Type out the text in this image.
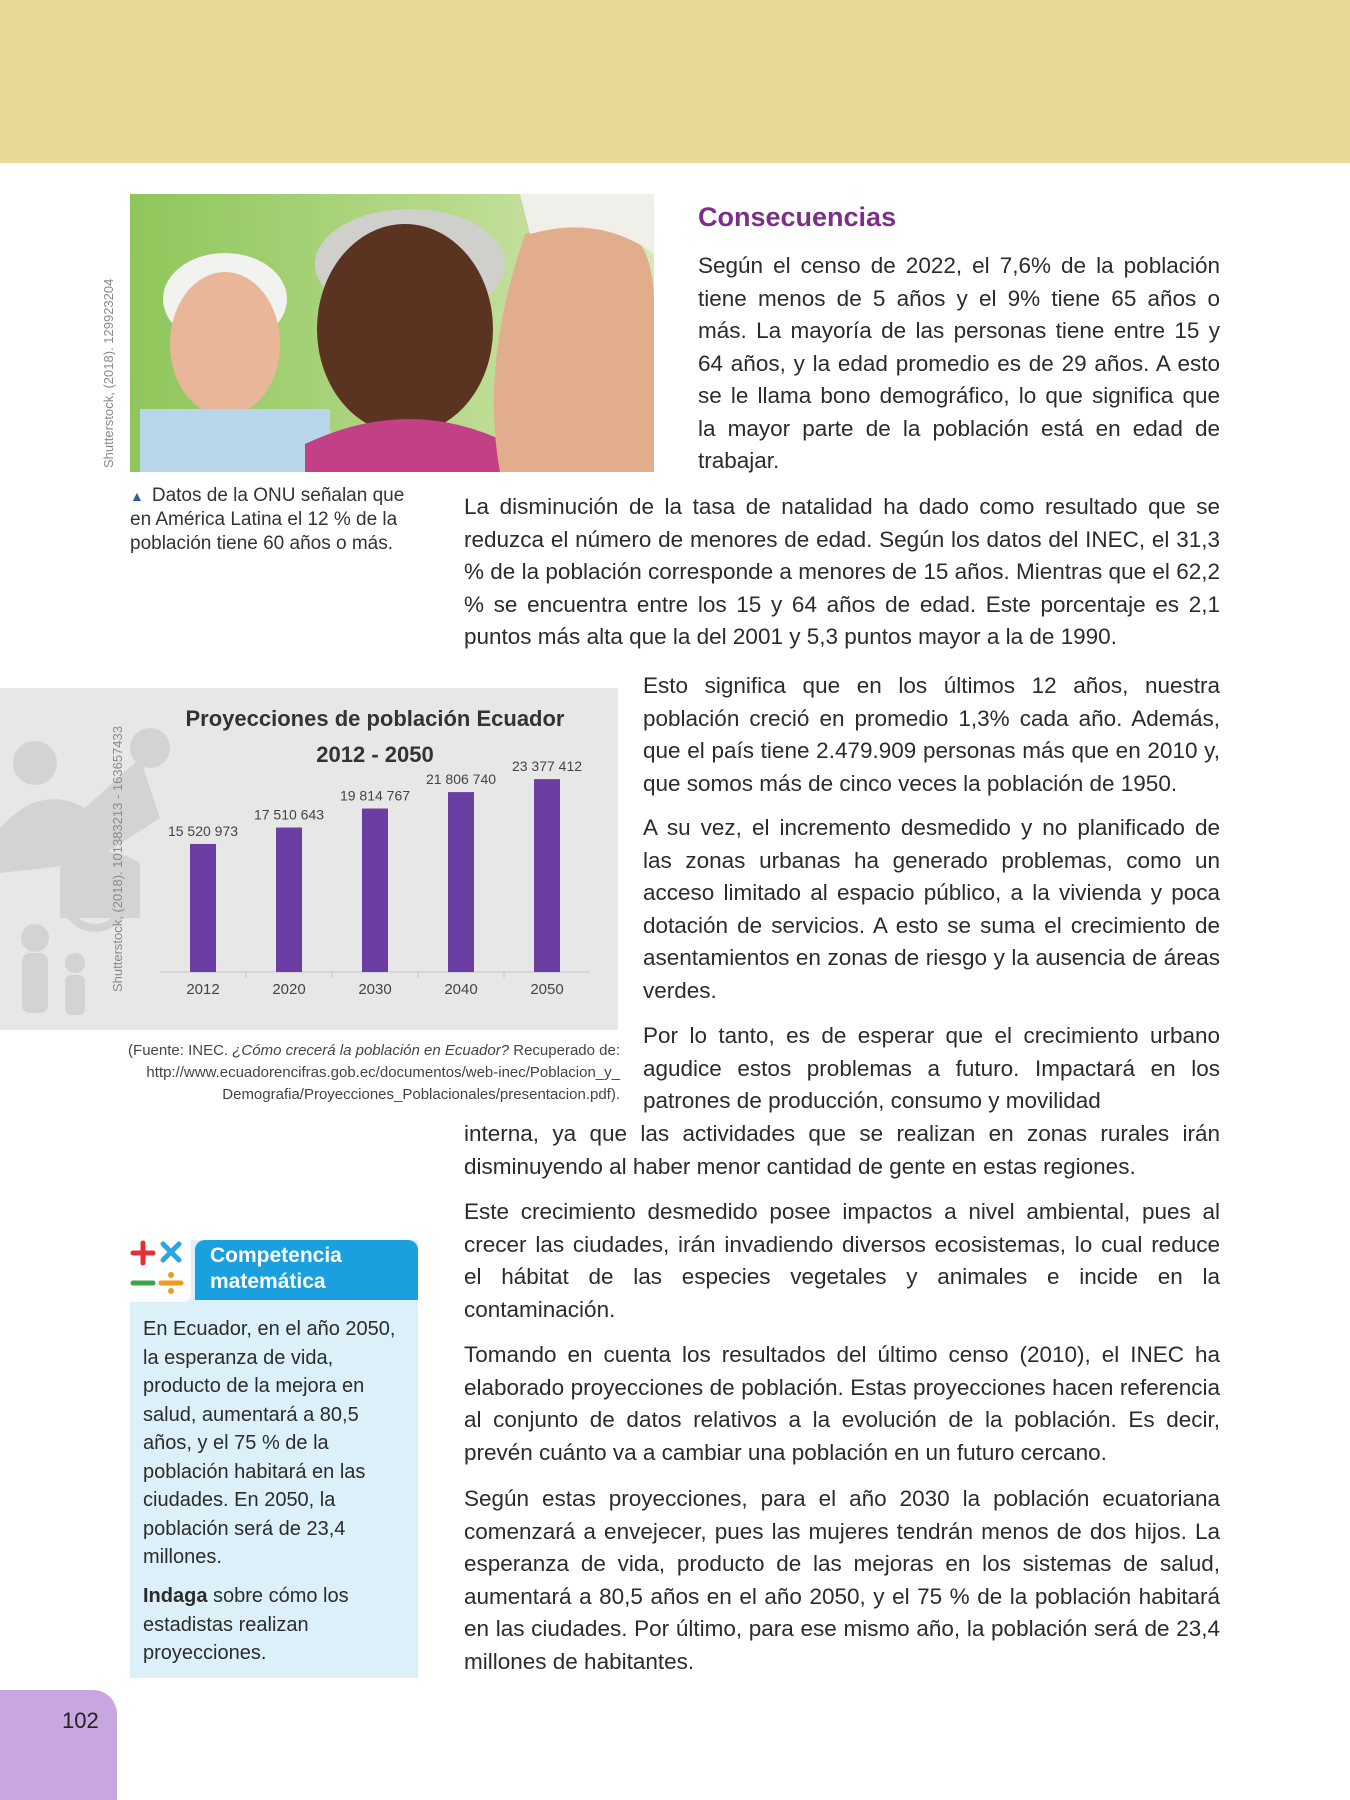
Shutterstock, (2018). 129923204
▲ Datos de la ONU señalan que en América Latina el 12 % de la población tiene 60 años o más.
Consecuencias

Según el censo de 2022, el 7,6% de la población tiene menos de 5 años y el 9% tiene 65 años o más. La mayoría de las personas tiene entre 15 y 64 años, y la edad promedio es de 29 años. A esto se le llama bono demográfico, lo que significa que la mayor parte de la población está en edad de trabajar.

La disminución de la tasa de natalidad ha dado como resultado que se reduzca el número de menores de edad. Según los datos del INEC, el 31,3 % de la población corresponde a menores de 15 años. Mientras que el 62,2 % se encuentra entre los 15 y 64 años de edad. Este porcentaje es 2,1 puntos más alta que la del 2001 y 5,3 puntos mayor a la de 1990.

Esto significa que en los últimos 12 años, nuestra población creció en promedio 1,3% cada año. Además, que el país tiene 2.479.909 personas más que en 2010 y, que somos más de cinco veces la población de 1950.

A su vez, el incremento desmedido y no planificado de las zonas urbanas ha generado problemas, como un acceso limitado al espacio público, a la vivienda y poca dotación de servicios. A esto se suma el crecimiento de asentamientos en zonas de riesgo y la ausencia de áreas verdes.

Por lo tanto, es de esperar que el crecimiento urbano agudice estos problemas a futuro. Impactará en los patrones de producción, consumo y movilidad

interna, ya que las actividades que se realizan en zonas rurales irán disminuyendo al haber menor cantidad de gente en estas regiones.

Este crecimiento desmedido posee impactos a nivel ambiental, pues al crecer las ciudades, irán invadiendo diversos ecosistemas, lo cual reduce el hábitat de las especies vegetales y animales e incide en la contaminación.

Tomando en cuenta los resultados del último censo (2010), el INEC ha elaborado proyecciones de población. Estas proyecciones hacen referencia al conjunto de datos relativos a la evolución de la población. Es decir, prevén cuánto va a cambiar una población en un futuro cercano.

Según estas proyecciones, para el año 2030 la población ecuatoriana comenzará a envejecer, pues las mujeres tendrán menos de dos hijos. La esperanza de vida, producto de las mejoras en los sistemas de salud, aumentará a 80,5 años en el año 2050, y el 75 % de la población habitará en las ciudades. Por último, para ese mismo año, la población será de 23,4 millones de habitantes.

Proyecciones de población Ecuador
2012 - 2050
15 520 973
2012
17 510 643
2020
19 814 767
2030
21 806 740
2040
23 377 412
2050
Shutterstock, (2018). 101383213 - 163657433
(Fuente: INEC. ¿Cómo crecerá la población en Ecuador? Recuperado de:
http://www.ecuadorencifras.gob.ec/documentos/web-inec/Poblacion_y_
Demografia/Proyecciones_Poblacionales/presentacion.pdf).
Competencia
matemática

En Ecuador, en el año 2050, la esperanza de vida, producto de la mejora en salud, aumentará a 80,5 años, y el 75 % de la población habitará en las ciudades. En 2050, la población será de 23,4 millones.

Indaga sobre cómo los estadistas realizan proyecciones.

102
